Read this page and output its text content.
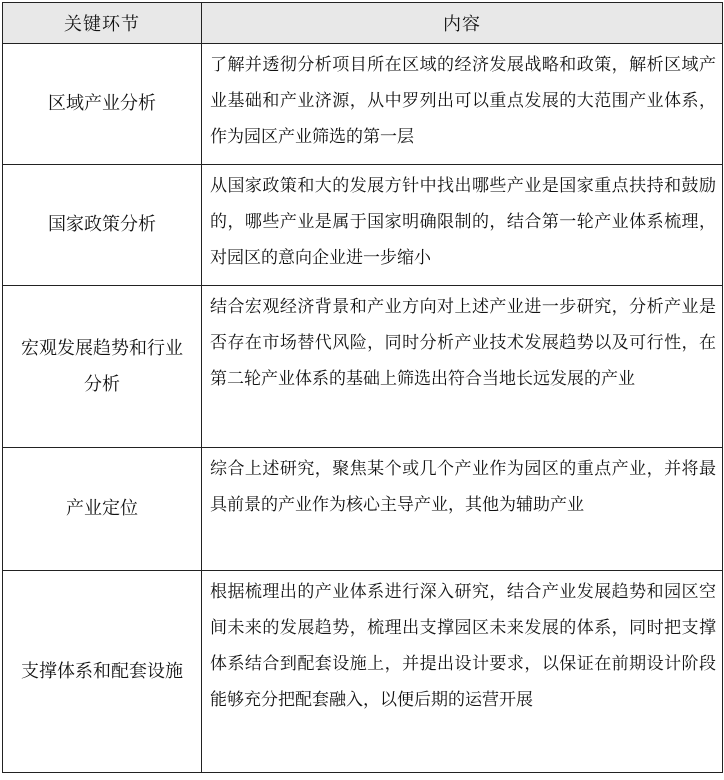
关键环节	内容
区域产业分析	了解并透彻分析项目所在区域的经济发展战略和政策，解析区域产业基础和产业济源，从中罗列出可以重点发展的大范围产业体系，作为园区产业筛选的第一层
国家政策分析	从国家政策和大的发展方针中找出哪些产业是国家重点扶持和鼓励的，哪些产业是属于国家明确限制的，结合第一轮产业体系梳理，对园区的意向企业进一步缩小
宏观发展趋势和行业分析	结合宏观经济背景和产业方向对上述产业进一步研究，分析产业是否存在市场替代风险，同时分析产业技术发展趋势以及可行性，在第二轮产业体系的基础上筛选出符合当地长远发展的产业
产业定位	综合上述研究，聚焦某个或几个产业作为园区的重点产业，并将最具前景的产业作为核心主导产业，其他为辅助产业
支撑体系和配套设施	根据梳理出的产业体系进行深入研究，结合产业发展趋势和园区空间未来的发展趋势，梳理出支撑园区未来发展的体系，同时把支撑体系结合到配套设施上，并提出设计要求，以保证在前期设计阶段能够充分把配套融入，以便后期的运营开展
